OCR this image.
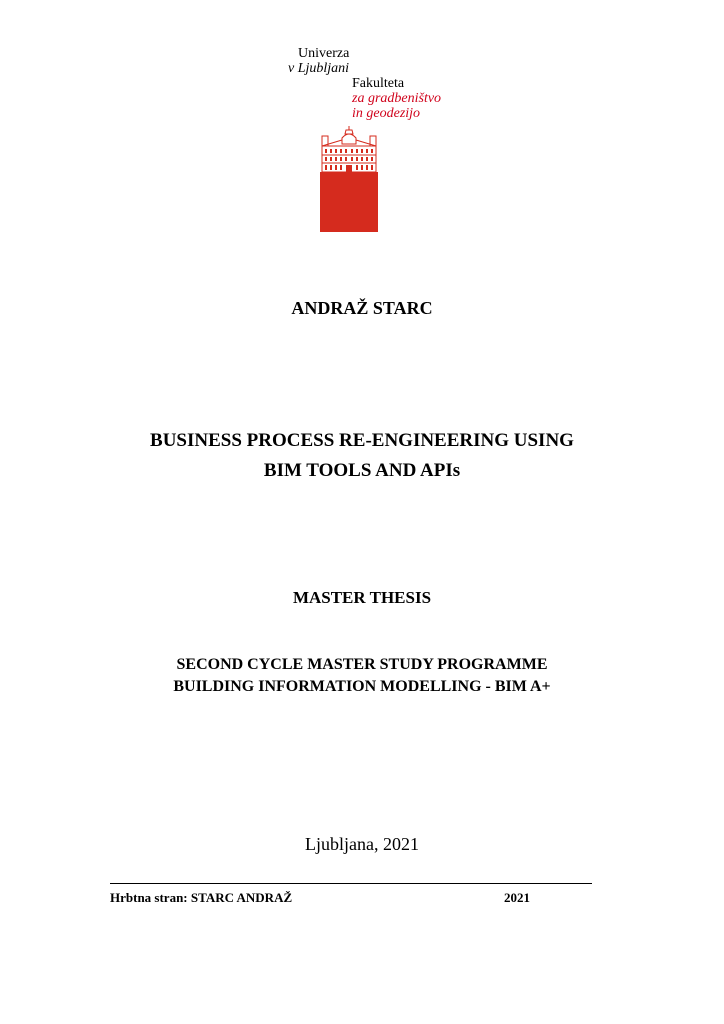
Univerza
v Ljubljani
Fakulteta
za gradbeništvo
in geodezijo
ANDRAŽ STARC
BUSINESS PROCESS RE-ENGINEERING USING
BIM TOOLS AND APIs
MASTER THESIS
SECOND CYCLE MASTER STUDY PROGRAMME
BUILDING INFORMATION MODELLING - BIM A+
Ljubljana, 2021
Hrbtna stran: STARC ANDRAŽ	2021
